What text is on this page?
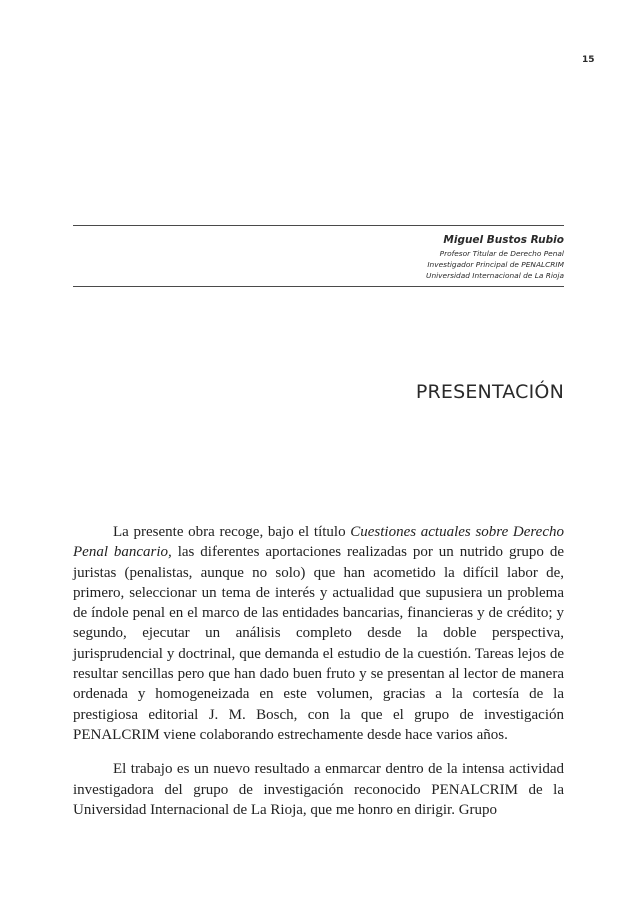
15
Miguel Bustos Rubio
Profesor Titular de Derecho Penal
Investigador Principal de PENALCRIM
Universidad Internacional de La Rioja
PRESENTACIÓN

La presente obra recoge, bajo el título Cuestiones actuales sobre Derecho Penal bancario, las diferentes aportaciones realizadas por un nutrido grupo de juristas (penalistas, aunque no solo) que han acometido la difícil labor de, primero, seleccionar un tema de interés y actualidad que supusiera un problema de índole penal en el marco de las entidades bancarias, financieras y de crédito; y segundo, ejecutar un análisis completo desde la doble perspectiva, jurisprudencial y doctrinal, que demanda el estudio de la cuestión. Tareas lejos de resultar sencillas pero que han dado buen fruto y se presentan al lector de manera ordenada y homogeneizada en este volumen, gracias a la cortesía de la prestigiosa editorial J. M. Bosch, con la que el grupo de investigación PENALCRIM viene colaborando estrechamente desde hace varios años.

El trabajo es un nuevo resultado a enmarcar dentro de la intensa actividad investigadora del grupo de investigación reconocido PENALCRIM de la Universidad Internacional de La Rioja, que me honro en dirigir. Grupo
